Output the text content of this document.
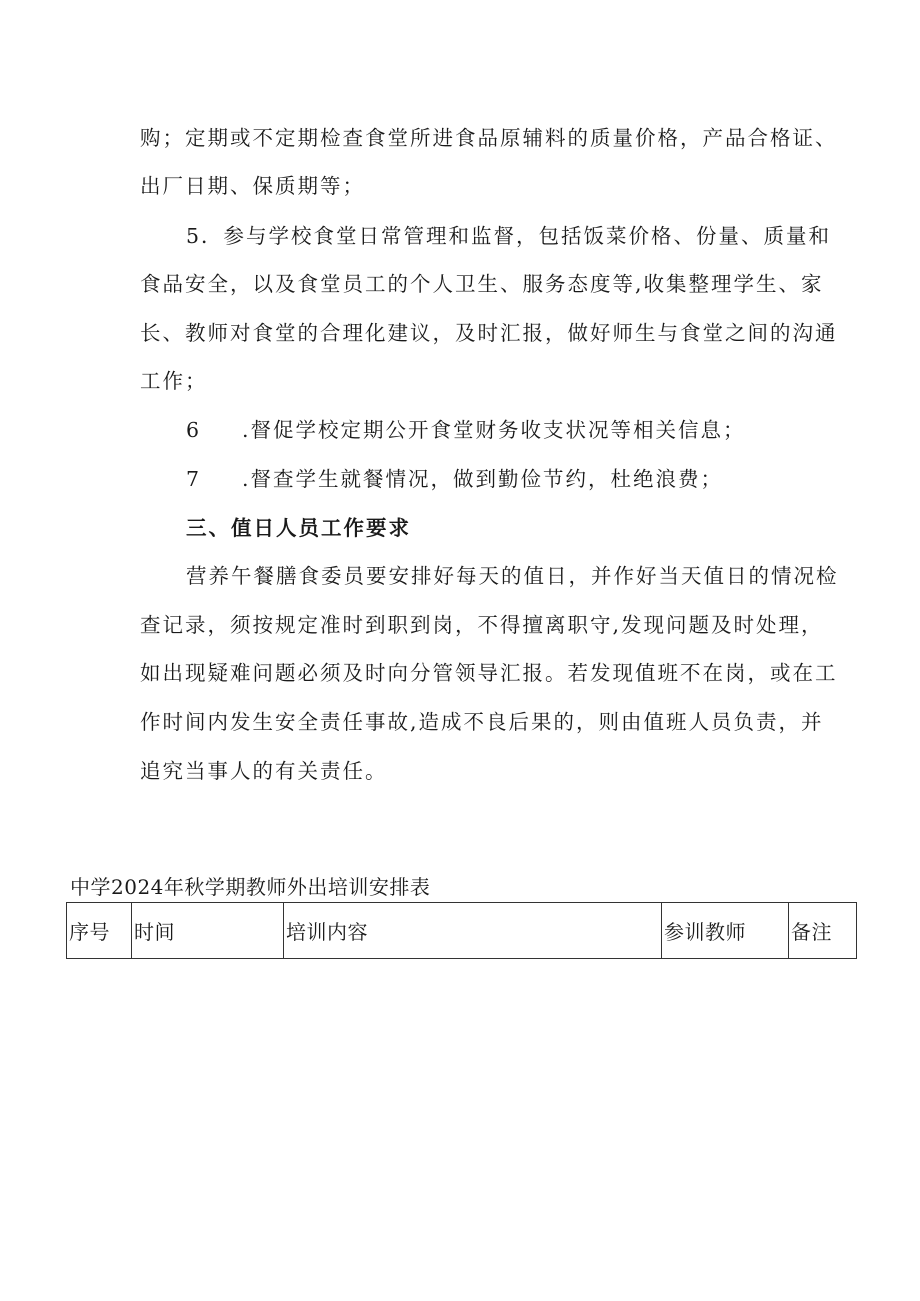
购；定期或不定期检查食堂所进食品原辅料的质量价格，产品合格证、
出厂日期、保质期等；
5．参与学校食堂日常管理和监督，包括饭菜价格、份量、质量和
食品安全，以及食堂员工的个人卫生、服务态度等,收集整理学生、家
长、教师对食堂的合理化建议，及时汇报，做好师生与食堂之间的沟通
工作；
6 .督促学校定期公开食堂财务收支状况等相关信息；
7 .督查学生就餐情况，做到勤俭节约，杜绝浪费；
三、值日人员工作要求
营养午餐膳食委员要安排好每天的值日，并作好当天值日的情况检
查记录，须按规定准时到职到岗，不得擅离职守,发现问题及时处理，
如出现疑难问题必须及时向分管领导汇报。若发现值班不在岗，或在工
作时间内发生安全责任事故,造成不良后果的，则由值班人员负责，并
追究当事人的有关责任。
中学2024年秋学期教师外出培训安排表
序号	时间	培训内容	参训教师	备注
